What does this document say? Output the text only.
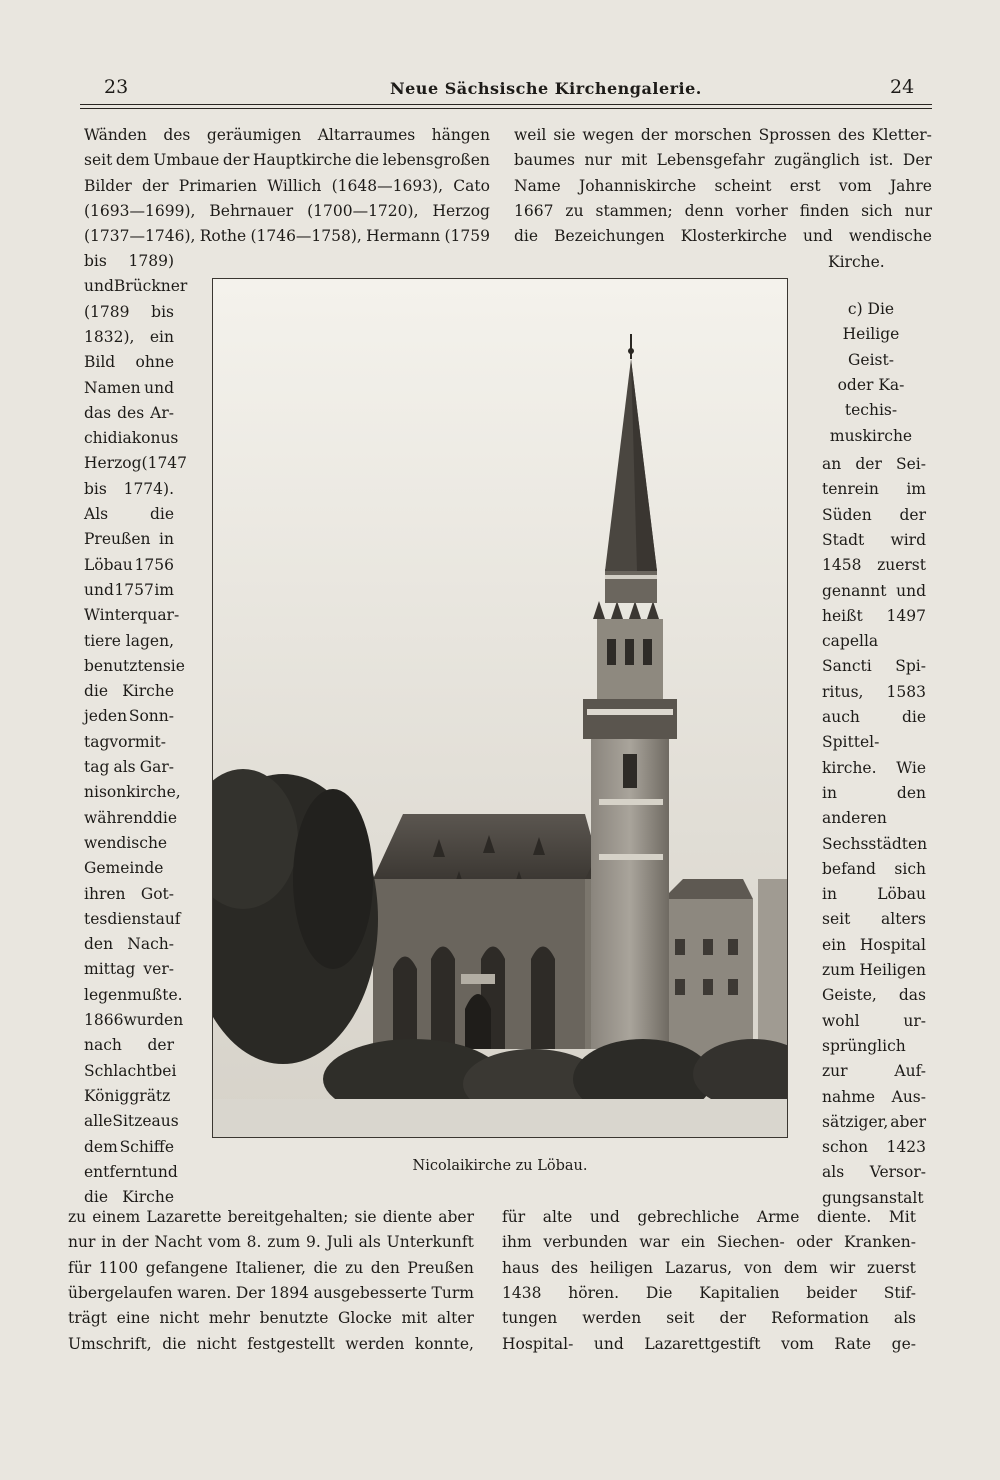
23	Neue Sächsische Kirchengalerie.	24
Wänden des geräumigen Altarraumes hängen
seit dem Umbaue der Hauptkirche die lebensgroßen
Bilder der Primarien Willich (1648—1693), Cato
(1693—1699), Behrnauer (1700—1720), Herzog
(1737—1746), Rothe (1746—1758), Hermann (1759
bis 1789)
und Brückner
(1789 bis
1832), ein
Bild ohne
Namen und
das des Ar-
chidiakonus
Herzog (1747
bis 1774).
Als	die
Preußen in
Löbau 1756
und 1757 im
Winterquar-
tiere lagen,
benutzten sie
die Kirche
jeden Sonn-
tagvormit-
tag als Gar-
nisonkirche,
während die
wendische
Gemeinde
ihren Got-
tesdienst auf
den Nach-
mittag ver-
legen mußte.
1866 wurden
nach der
Schlacht bei
Königgrätz
alle Sitze aus
dem Schiffe
entfernt und
die Kirche
zu einem Lazarette bereitgehalten; sie diente aber
nur in der Nacht vom 8. zum 9. Juli als Unterkunft
für 1100 gefangene Italiener, die zu den Preußen
übergelaufen waren. Der 1894 ausgebesserte Turm
trägt eine nicht mehr benutzte Glocke mit alter
Umschrift, die nicht festgestellt werden konnte,
weil sie wegen der morschen Sprossen des Kletter-
baumes nur mit Lebensgefahr zugänglich ist. Der
Name Johanniskirche scheint erst vom Jahre
1667 zu stammen; denn vorher finden sich nur
die Bezeichungen Klosterkirche und wendische
Kirche.
c) Die
Heilige
Geist-
oder Ka-
techis-
muskirche
an der Sei-
tenrein im
Süden der
Stadt wird
1458 zuerst
genannt und
heißt 1497
capella
Sancti Spi-
ritus, 1583
auch	die
Spittel-
kirche. Wie
in	den
anderen
Sechsstädten
befand sich
in	Löbau
seit alters
ein Hospital
zum Heiligen
Geiste, das
wohl	ur-
sprünglich
zur	Auf-
nahme Aus-
sätziger, aber
schon 1423
als Versor-
gungsanstalt
für alte und gebrechliche Arme diente. Mit
ihm verbunden war ein Siechen- oder Kranken-
haus des heiligen Lazarus, von dem wir zuerst
1438 hören. Die Kapitalien beider Stif-
tungen werden seit der Reformation als
Hospital- und Lazarettgestift vom Rate ge-
Nicolaikirche zu Löbau.
